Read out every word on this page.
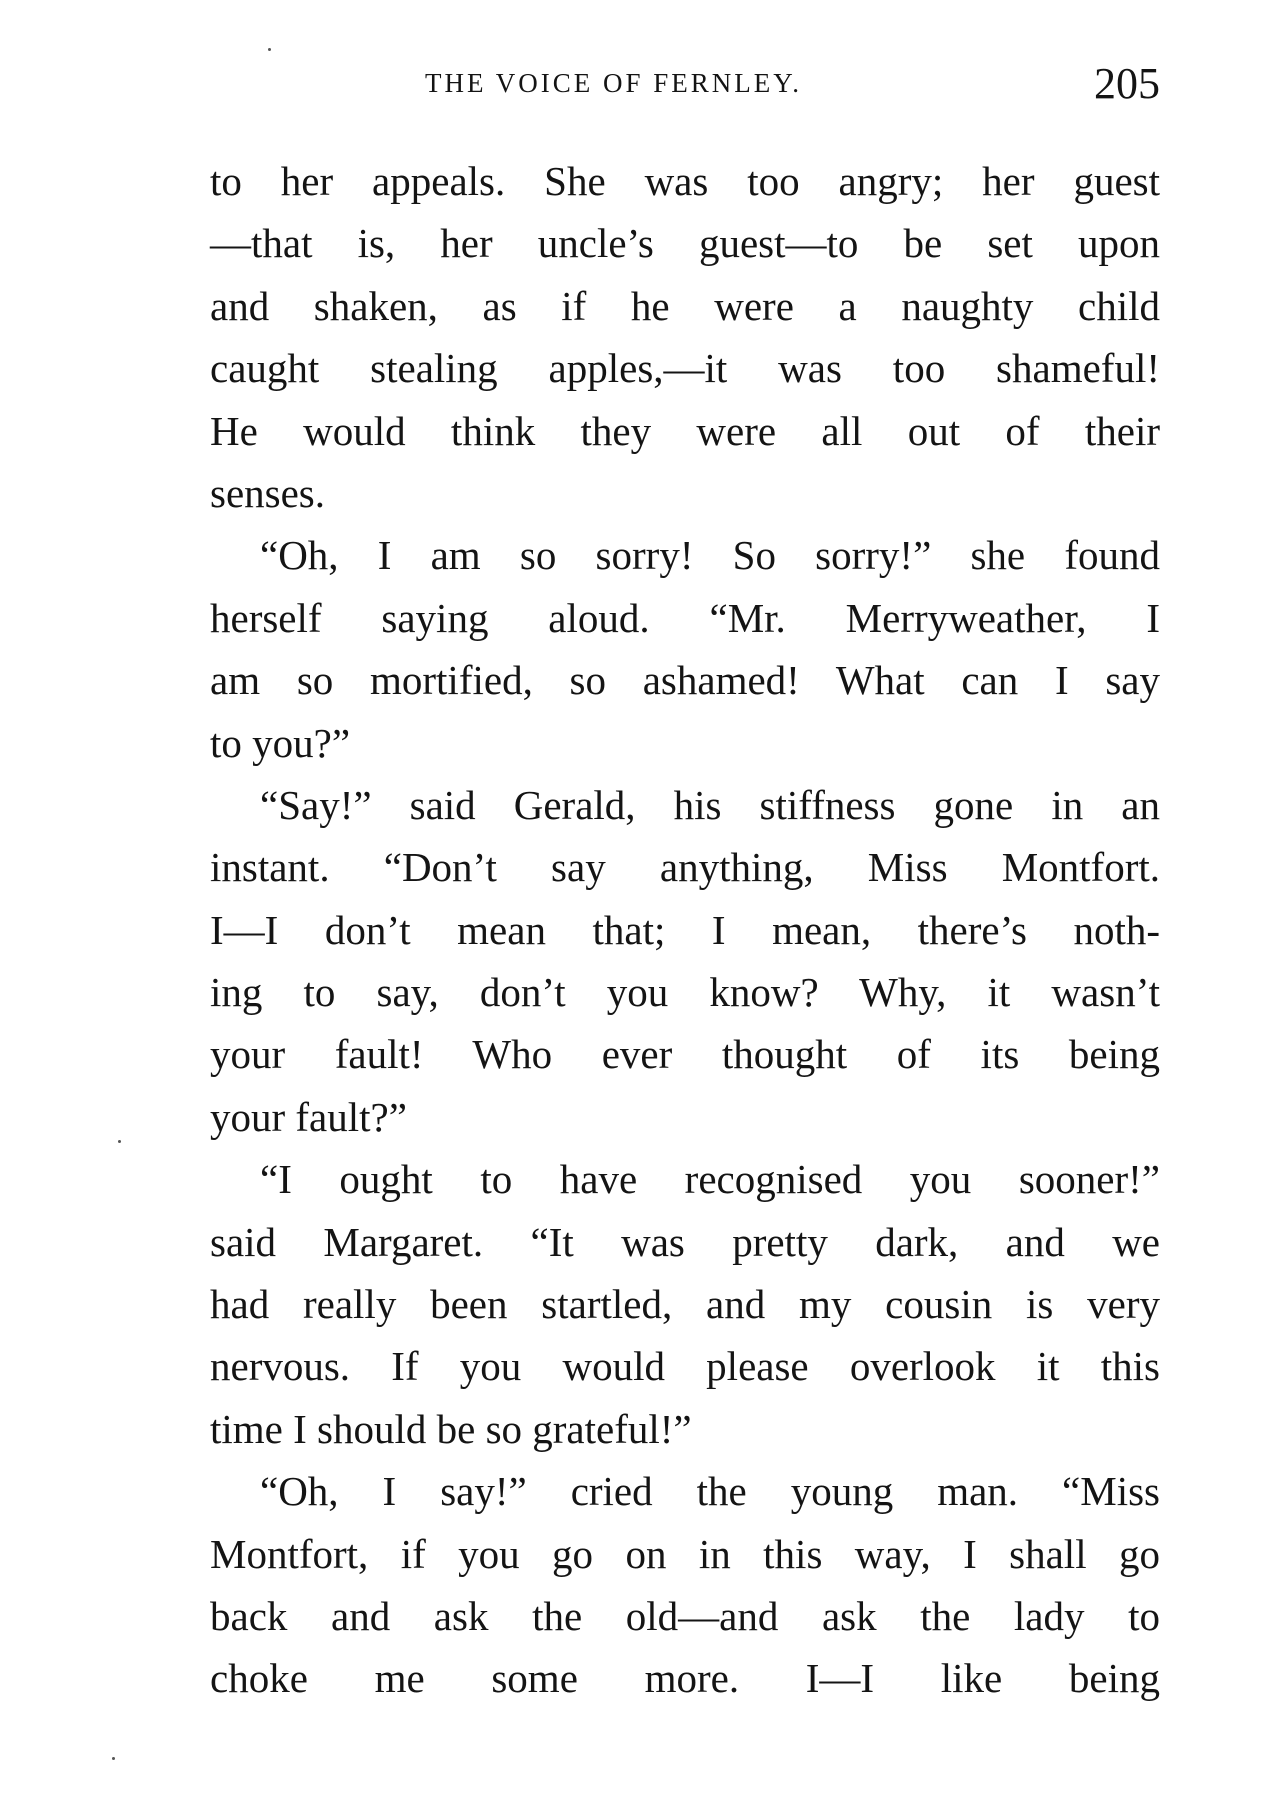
THE VOICE OF FERNLEY.	205
to her appeals. She was too angry; her guest
—that is, her uncle’s guest—to be set upon
and shaken, as if he were a naughty child
caught stealing apples,—it was too shameful!
He would think they were all out of their
senses.
“Oh, I am so sorry! So sorry!” she found
herself saying aloud. “Mr. Merryweather, I
am so mortified, so ashamed! What can I say
to you?”
“Say!” said Gerald, his stiffness gone in an
instant. “Don’t say anything, Miss Montfort.
I—I don’t mean that; I mean, there’s noth-
ing to say, don’t you know? Why, it wasn’t
your fault! Who ever thought of its being
your fault?”
“I ought to have recognised you sooner!”
said Margaret. “It was pretty dark, and we
had really been startled, and my cousin is very
nervous. If you would please overlook it this
time I should be so grateful!”
“Oh, I say!” cried the young man. “Miss
Montfort, if you go on in this way, I shall go
back and ask the old—and ask the lady to
choke me some more. I—I like being
